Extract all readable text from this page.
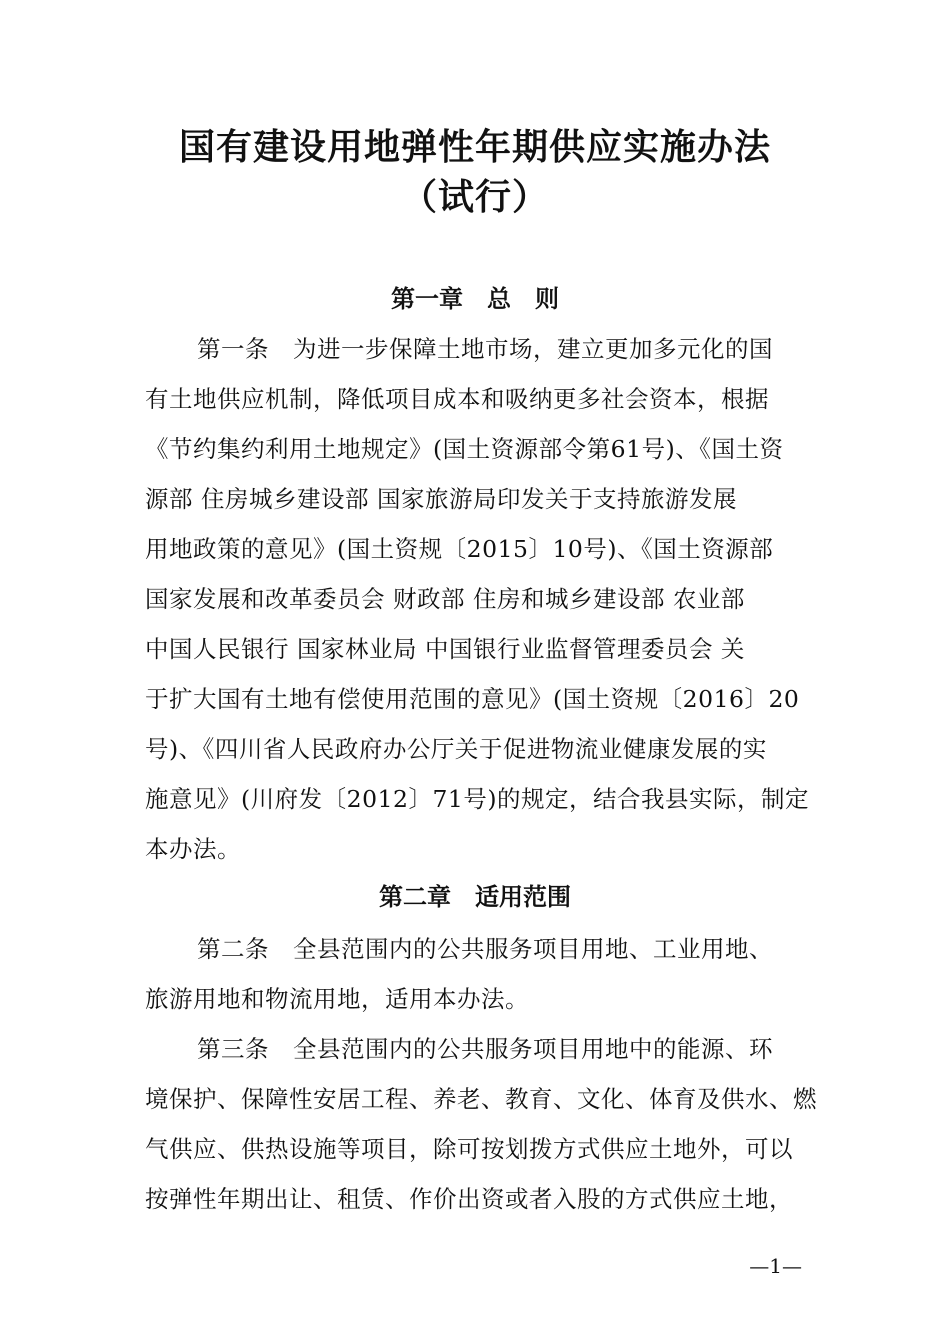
国有建设用地弹性年期供应实施办法
（试行）
第一章　总　则
第一条　为进一步保障土地市场，建立更加多元化的国
有土地供应机制，降低项目成本和吸纳更多社会资本，根据
《节约集约利用土地规定》(国土资源部令第61号)、《国土资
源部 住房城乡建设部 国家旅游局印发关于支持旅游发展
用地政策的意见》(国土资规〔2015〕10号)、《国土资源部
国家发展和改革委员会 财政部 住房和城乡建设部 农业部
中国人民银行 国家林业局 中国银行业监督管理委员会 关
于扩大国有土地有偿使用范围的意见》(国土资规〔2016〕20
号)、《四川省人民政府办公厅关于促进物流业健康发展的实
施意见》(川府发〔2012〕71号)的规定，结合我县实际，制定
本办法。
第二章　适用范围
第二条　全县范围内的公共服务项目用地、工业用地、
旅游用地和物流用地，适用本办法。
第三条　全县范围内的公共服务项目用地中的能源、环
境保护、保障性安居工程、养老、教育、文化、体育及供水、燃
气供应、供热设施等项目，除可按划拨方式供应土地外，可以
按弹性年期出让、租赁、作价出资或者入股的方式供应土地，
—1—
